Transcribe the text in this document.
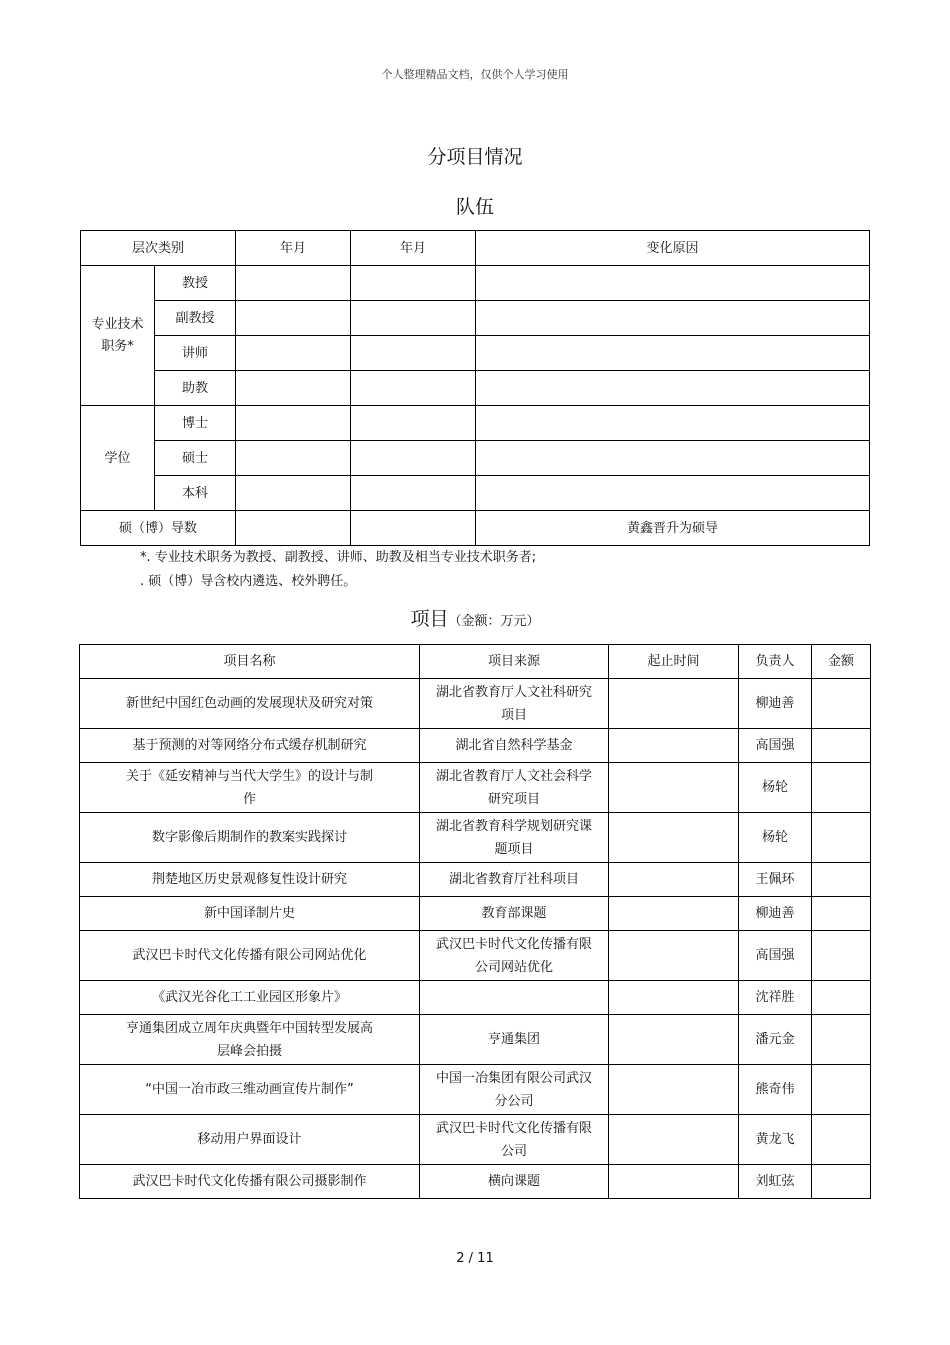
个人整理精品文档，仅供个人学习使用
分项目情况
队伍
层次类别		年月	年月	变化原因
专业技术职务*	教授			
	副教授			
	讲师			
	助教			
学位	博士			
	硕士			
	本科			
硕（博）导数				黄鑫晋升为硕导
*. 专业技术职务为教授、副教授、讲师、助教及相当专业技术职务者;
. 硕（博）导含校内遴选、校外聘任。
项目（金额：万元）
项目名称	项目来源	起止时间	负责人	金额
新世纪中国红色动画的发展现状及研究对策	湖北省教育厅人文社科研究项目		柳迪善	
基于预测的对等网络分布式缓存机制研究	湖北省自然科学基金		高国强	
关于《延安精神与当代大学生》的设计与制作	湖北省教育厅人文社会科学研究项目		杨轮	
数字影像后期制作的教案实践探讨	湖北省教育科学规划研究课题项目		杨轮	
荆楚地区历史景观修复性设计研究	湖北省教育厅社科项目		王佩环	
新中国译制片史	教育部课题		柳迪善	
武汉巴卡时代文化传播有限公司网站优化	武汉巴卡时代文化传播有限公司网站优化		高国强	
《武汉光谷化工工业园区形象片》			沈祥胜	
亨通集团成立周年庆典暨年中国转型发展高层峰会拍摄	亨通集团		潘元金	
“中国一冶市政三维动画宣传片制作”	中国一冶集团有限公司武汉分公司		熊奇伟	
移动用户界面设计	武汉巴卡时代文化传播有限公司		黄龙飞	
武汉巴卡时代文化传播有限公司摄影制作	横向课题		刘虹弦	
2 / 11
